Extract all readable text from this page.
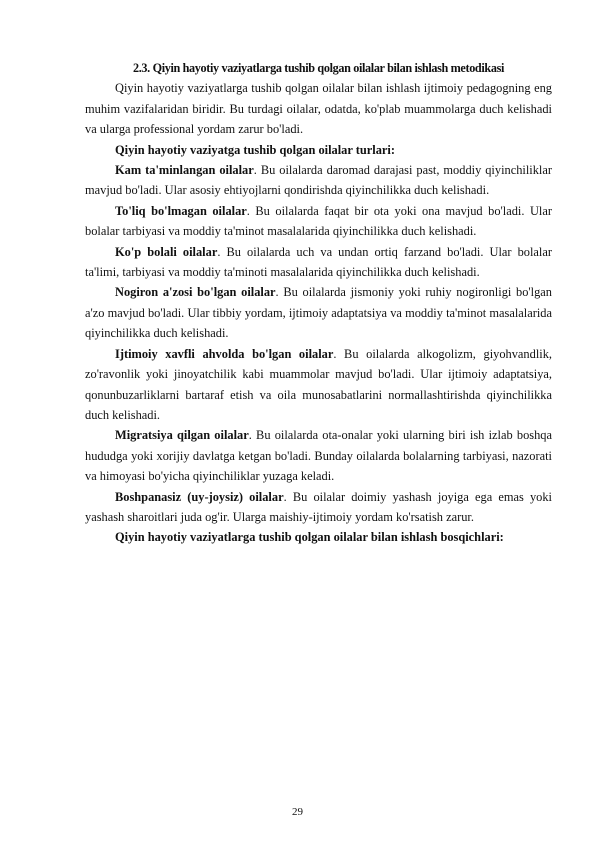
2.3. Qiyin hayotiy vaziyatlarga tushib qolgan oilalar bilan ishlash metodikasi

Qiyin hayotiy vaziyatlarga tushib qolgan oilalar bilan ishlash ijtimoiy pedagogning eng muhim vazifalaridan biridir. Bu turdagi oilalar, odatda, ko'plab muammolarga duch kelishadi va ularga professional yordam zarur bo'ladi.

Qiyin hayotiy vaziyatga tushib qolgan oilalar turlari:

Kam ta'minlangan oilalar. Bu oilalarda daromad darajasi past, moddiy qiyinchiliklar mavjud bo'ladi. Ular asosiy ehtiyojlarni qondirishda qiyinchilikka duch kelishadi.

To'liq bo'lmagan oilalar. Bu oilalarda faqat bir ota yoki ona mavjud bo'ladi. Ular bolalar tarbiyasi va moddiy ta'minot masalalarida qiyinchilikka duch kelishadi.

Ko'p bolali oilalar. Bu oilalarda uch va undan ortiq farzand bo'ladi. Ular bolalar ta'limi, tarbiyasi va moddiy ta'minoti masalalarida qiyinchilikka duch kelishadi.

Nogiron a'zosi bo'lgan oilalar. Bu oilalarda jismoniy yoki ruhiy nogironligi bo'lgan a'zo mavjud bo'ladi. Ular tibbiy yordam, ijtimoiy adaptatsiya va moddiy ta'minot masalalarida qiyinchilikka duch kelishadi.

Ijtimoiy xavfli ahvolda bo'lgan oilalar. Bu oilalarda alkogolizm, giyohvandlik, zo'ravonlik yoki jinoyatchilik kabi muammolar mavjud bo'ladi. Ular ijtimoiy adaptatsiya, qonunbuzarliklarni bartaraf etish va oila munosabatlarini normallashtirishda qiyinchilikka duch kelishadi.

Migratsiya qilgan oilalar. Bu oilalarda ota-onalar yoki ularning biri ish izlab boshqa hududga yoki xorijiy davlatga ketgan bo'ladi. Bunday oilalarda bolalarning tarbiyasi, nazorati va himoyasi bo'yicha qiyinchiliklar yuzaga keladi.

Boshpanasiz (uy-joysiz) oilalar. Bu oilalar doimiy yashash joyiga ega emas yoki yashash sharoitlari juda og'ir. Ularga maishiy-ijtimoiy yordam ko'rsatish zarur.

Qiyin hayotiy vaziyatlarga tushib qolgan oilalar bilan ishlash bosqichlari:

29
